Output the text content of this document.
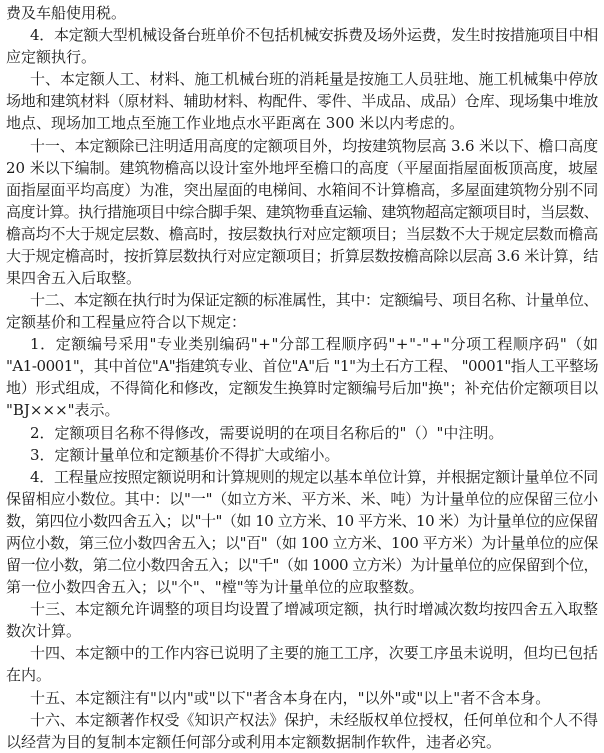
费及车船使用税。

4．本定额大型机械设备台班单价不包括机械安拆费及场外运费，发生时按措施项目中相

应定额执行。

十、本定额人工、材料、施工机械台班的消耗量是按施工人员驻地、施工机械集中停放

场地和建筑材料（原材料、辅助材料、构配件、零件、半成品、成品）仓库、现场集中堆放

地点、现场加工地点至施工作业地点水平距离在 300 米以内考虑的。

十一、本定额除已注明适用高度的定额项目外，均按建筑物层高 3.6 米以下、檐口高度

20 米以下编制。建筑物檐高以设计室外地坪至檐口的高度（平屋面指屋面板顶高度，坡屋

面指屋面平均高度）为准，突出屋面的电梯间、水箱间不计算檐高，多屋面建筑物分别不同

高度计算。执行措施项目中综合脚手架、建筑物垂直运输、建筑物超高定额项目时，当层数、

檐高均不大于规定层数、檐高时，按层数执行对应定额项目；当层数不大于规定层数而檐高

大于规定檐高时，按折算层数执行对应定额项目；折算层数按檐高除以层高 3.6 米计算，结

果四舍五入后取整。

十二、本定额在执行时为保证定额的标准属性，其中：定额编号、项目名称、计量单位、

定额基价和工程量应符合以下规定：

1．定额编号采用"专业类别编码"+"分部工程顺序码"+"-"+"分项工程顺序码"（如

"A1-0001"，其中首位"A"指建筑专业、首位"A"后 "1"为土石方工程、 "0001"指人工平整场

地）形式组成，不得简化和修改，定额发生换算时定额编号后加"换"；补充估价定额项目以

"BJ×××"表示。

2．定额项目名称不得修改，需要说明的在项目名称后的"（）"中注明。

3．定额计量单位和定额基价不得扩大或缩小。

4．工程量应按照定额说明和计算规则的规定以基本单位计算，并根据定额计量单位不同

保留相应小数位。其中：以"一"（如立方米、平方米、米、吨）为计量单位的应保留三位小

数，第四位小数四舍五入；以"十"（如 10 立方米、10 平方米、10 米）为计量单位的应保留

两位小数，第三位小数四舍五入；以"百"（如 100 立方米、100 平方米）为计量单位的应保

留一位小数，第二位小数四舍五入；以"千"（如 1000 立方米）为计量单位的应保留到个位，

第一位小数四舍五入；以"个"、"樘"等为计量单位的应取整数。

十三、本定额允许调整的项目均设置了增减项定额，执行时增减次数均按四舍五入取整

数次计算。

十四、本定额中的工作内容已说明了主要的施工工序，次要工序虽未说明，但均已包括

在内。

十五、本定额注有"以内"或"以下"者含本身在内，"以外"或"以上"者不含本身。

十六、本定额著作权受《知识产权法》保护，未经版权单位授权，任何单位和个人不得

以经营为目的复制本定额任何部分或利用本定额数据制作软件，违者必究。
